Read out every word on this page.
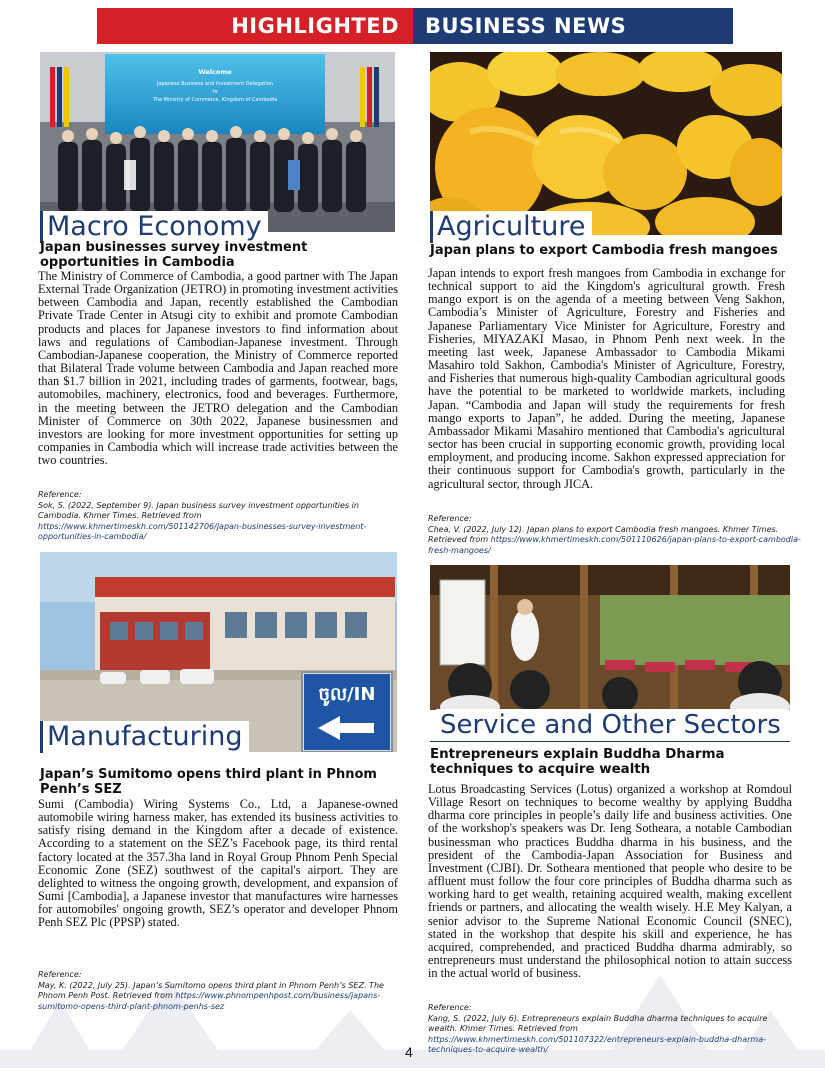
HIGHLIGHTED	BUSINESS NEWS
Welcome
Japanese Business and Investment Delegation
to
The Ministry of Commerce, Kingdom of Cambodia
Macro Economy
Japan businesses survey investment opportunities in Cambodia
The Ministry of Commerce of Cambodia, a good partner with The Japan External Trade Organization (JETRO) in promoting investment activities between Cambodia and Japan, recently established the Cambodian Private Trade Center in Atsugi city to exhibit and promote Cambodian products and places for Japanese investors to find information about laws and regulations of Cambodian-Japanese investment. Through Cambodian-Japanese cooperation, the Ministry of Commerce reported that Bilateral Trade volume between Cambodia and Japan reached more than $1.7 billion in 2021, including trades of garments, footwear, bags, automobiles, machinery, electronics, food and beverages. Furthermore, in the meeting between the JETRO delegation and the Cambodian Minister of Commerce on 30th 2022, Japanese businessmen and investors are looking for more investment opportunities for setting up companies in Cambodia which will increase trade activities between the two countries.
Reference:
Sok, S. (2022, September 9). Japan business survey investment opportunities in Cambodia. Khmer Times. Retrieved from https://www.khmertimeskh.com/501142706/japan-businesses-survey-investment-opportunities-in-cambodia/
Agriculture
Japan plans to export Cambodia fresh mangoes
Japan intends to export fresh mangoes from Cambodia in exchange for technical support to aid the Kingdom's agricultural growth. Fresh mango export is on the agenda of a meeting between Veng Sakhon, Cambodia’s Minister of Agriculture, Forestry and Fisheries and Japanese Parliamentary Vice Minister for Agriculture, Forestry and Fisheries, MIYAZAKI Masao, in Phnom Penh next week. In the meeting last week, Japanese Ambassador to Cambodia Mikami Masahiro told Sakhon, Cambodia's Minister of Agriculture, Forestry, and Fisheries that numerous high-quality Cambodian agricultural goods have the potential to be marketed to worldwide markets, including Japan. “Cambodia and Japan will study the requirements for fresh mango exports to Japan”, he added. During the meeting, Japanese Ambassador Mikami Masahiro mentioned that Cambodia's agricultural sector has been crucial in supporting economic growth, providing local employment, and producing income. Sakhon expressed appreciation for their continuous support for Cambodia's growth, particularly in the agricultural sector, through JICA.
Reference:
Chea, V. (2022, July 12). Japan plans to export Cambodia fresh mangoes. Khmer Times. Retrieved from https://www.khmertimeskh.com/501110626/japan-plans-to-export-cambodia-fresh-mangoes/
ចូល/IN
Manufacturing
Japan’s Sumitomo opens third plant in Phnom Penh’s SEZ
Sumi (Cambodia) Wiring Systems Co., Ltd, a Japanese-owned automobile wiring harness maker, has extended its business activities to satisfy rising demand in the Kingdom after a decade of existence. According to a statement on the SEZ’s Facebook page, its third rental factory located at the 357.3ha land in Royal Group Phnom Penh Special Economic Zone (SEZ) southwest of the capital's airport. They are delighted to witness the ongoing growth, development, and expansion of Sumi [Cambodia], a Japanese investor that manufactures wire harnesses for automobiles' ongoing growth, SEZ’s operator and developer Phnom Penh SEZ Plc (PPSP) stated.
Reference:
May, K. (2022, July 25). Japan’s Sumitomo opens third plant in Phnom Penh’s SEZ. The Phnom Penh Post. Retrieved from https://www.phnompenhpost.com/business/japans-sumitomo-opens-third-plant-phnom-penhs-sez
Service and Other Sectors
Entrepreneurs explain Buddha Dharma techniques to acquire wealth
Lotus Broadcasting Services (Lotus) organized a workshop at Romdoul Village Resort on techniques to become wealthy by applying Buddha dharma core principles in people’s daily life and business activities. One of the workshop's speakers was Dr. Ieng Sotheara, a notable Cambodian businessman who practices Buddha dharma in his business, and the president of the Cambodia-Japan Association for Business and Investment (CJBI). Dr. Sotheara mentioned that people who desire to be affluent must follow the four core principles of Buddha dharma such as working hard to get wealth, retaining acquired wealth, making excellent friends or partners, and allocating the wealth wisely. H.E Mey Kalyan, a senior advisor to the Supreme National Economic Council (SNEC), stated in the workshop that despite his skill and experience, he has acquired, comprehended, and practiced Buddha dharma admirably, so entrepreneurs must understand the philosophical notion to attain success in the actual world of business.
Reference:
Kang, S. (2022, July 6). Entrepreneurs explain Buddha dharma techniques to acquire wealth. Khmer Times. Retrieved from https://www.khmertimeskh.com/501107322/entrepreneurs-explain-buddha-dharma-techniques-to-acquire-wealth/
4
